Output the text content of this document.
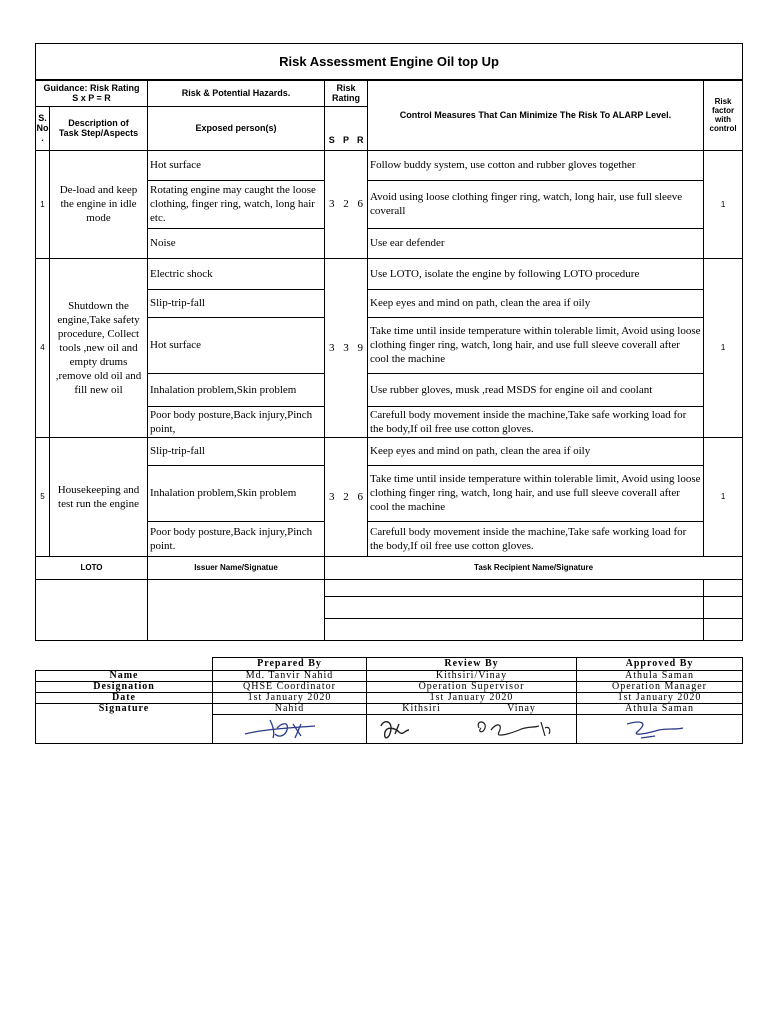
Risk Assessment Engine Oil top Up							
Guidance: Risk Rating
S x P = R		Risk & Potential Hazards.	Risk
Rating			Control Measures That Can Minimize The Risk To ALARP Level.	Risk
factor
with
control
S.
No
.	Description of
Task Step/Aspects	Exposed person(s)					
			S	P	R		
1	De-load and keep the engine in idle mode	Hot surface	3	2	6	Follow buddy system, use cotton and rubber gloves together	1
		Rotating engine may caught the loose clothing, finger ring, watch, long hair etc.				Avoid using loose clothing finger ring, watch, long hair, use full sleeve coverall	
		Noise				Use ear defender	
4	Shutdown the engine,Take safety procedure, Collect tools ,new oil and empty drums ,remove old oil and fill new oil	Electric shock	3	3	9	Use LOTO, isolate the engine by following LOTO procedure	1
		Slip-trip-fall				Keep eyes and mind on path, clean the area if oily	
		Hot surface				Take time until inside temperature within tolerable limit, Avoid using loose clothing finger ring, watch, long hair, and use full sleeve coverall after cool the machine	
		Inhalation problem,Skin problem				Use rubber gloves, musk ,read MSDS for engine oil and coolant	
		Poor body posture,Back injury,Pinch point,				Carefull body movement inside the machine,Take safe working load for the body,If oil free use cotton gloves.	
5	Housekeeping and test run the engine	Slip-trip-fall	3	2	6	Keep eyes and mind on path, clean the area if oily	1
		Inhalation problem,Skin problem				Take time until inside temperature within tolerable limit, Avoid using loose clothing finger ring, watch, long hair, and use full sleeve coverall after cool the machine	
		Poor body posture,Back injury,Pinch point.				Carefull body movement inside the machine,Take safe working load for the body,If oil free use cotton gloves.	
LOTO		Issuer Name/Signatue	Task Recipient Name/Signature				

	Prepared By	Review By	Approved By
Name	Md. Tanvir Nahid	Kithsiri/Vinay	Athula Saman
Designation	QHSE Coordinator	Operation Supervisor	Operation Manager
Date	1st January 2020	1st January 2020	1st January 2020
Signature	Nahid	Kithsiri Vinay	Athula Saman
